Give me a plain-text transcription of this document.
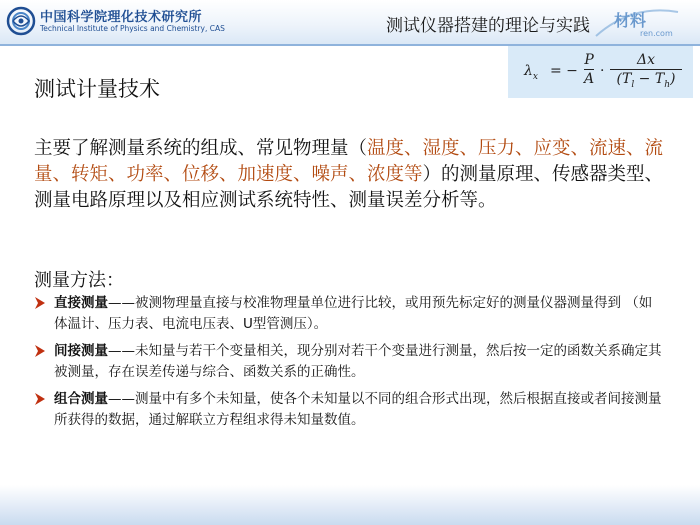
中国科学院理化技术研究所
Technical Institute of Physics and Chemistry, CAS	测试仪器搭建的理论与实践 材料
ren.com
$\lambda_x$ = − $\frac{P}{A} \cdot \frac{\Delta x}{(T_l - T_h)}$
测试计量技术
主要了解测量系统的组成、常见物理量（温度、湿度、压力、应变、流速、流量、转矩、功率、位移、加速度、噪声、浓度等）的测量原理、传感器类型、测量电路原理以及相应测试系统特性、测量误差分析等。
测量方法：
直接测量——被测物理量直接与校准物理量单位进行比较，或用预先标定好的测量仪器测量得到 （如体温计、压力表、电流电压表、U型管测压）。
间接测量——未知量与若干个变量相关，现分别对若干个变量进行测量，然后按一定的函数关系确定其被测量，存在误差传递与综合、函数关系的正确性。
组合测量——测量中有多个未知量，使各个未知量以不同的组合形式出现，然后根据直接或者间接测量所获得的数据，通过解联立方程组求得未知量数值。
